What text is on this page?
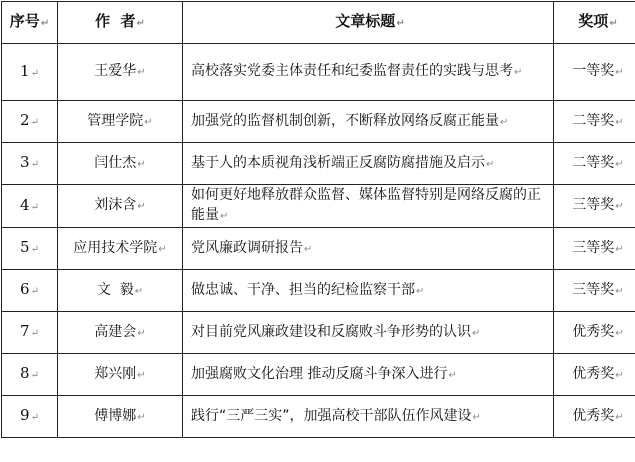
序号↵	作  者↵	文章标题↵	奖项↵
1↵	王爱华↵	高校落实党委主体责任和纪委监督责任的实践与思考↵	一等奖↵
2↵	管理学院↵	加强党的监督机制创新，不断释放网络反腐正能量↵	二等奖↵
3↵	闫仕杰↵	基于人的本质视角浅析端正反腐防腐措施及启示↵	二等奖↵
4↵	刘沫含↵	如何更好地释放群众监督、媒体监督特别是网络反腐的正能量↵	三等奖↵
5↵	应用技术学院↵	党风廉政调研报告↵	三等奖↵
6↵	文  毅↵	做忠诚、干净、担当的纪检监察干部↵	三等奖↵
7↵	高建会↵	对目前党风廉政建设和反腐败斗争形势的认识↵	优秀奖↵
8↵	郑兴刚↵	加强腐败文化治理 推动反腐斗争深入进行↵	优秀奖↵
9↵	傅博娜↵	践行“三严三实”，加强高校干部队伍作风建设↵	优秀奖↵
